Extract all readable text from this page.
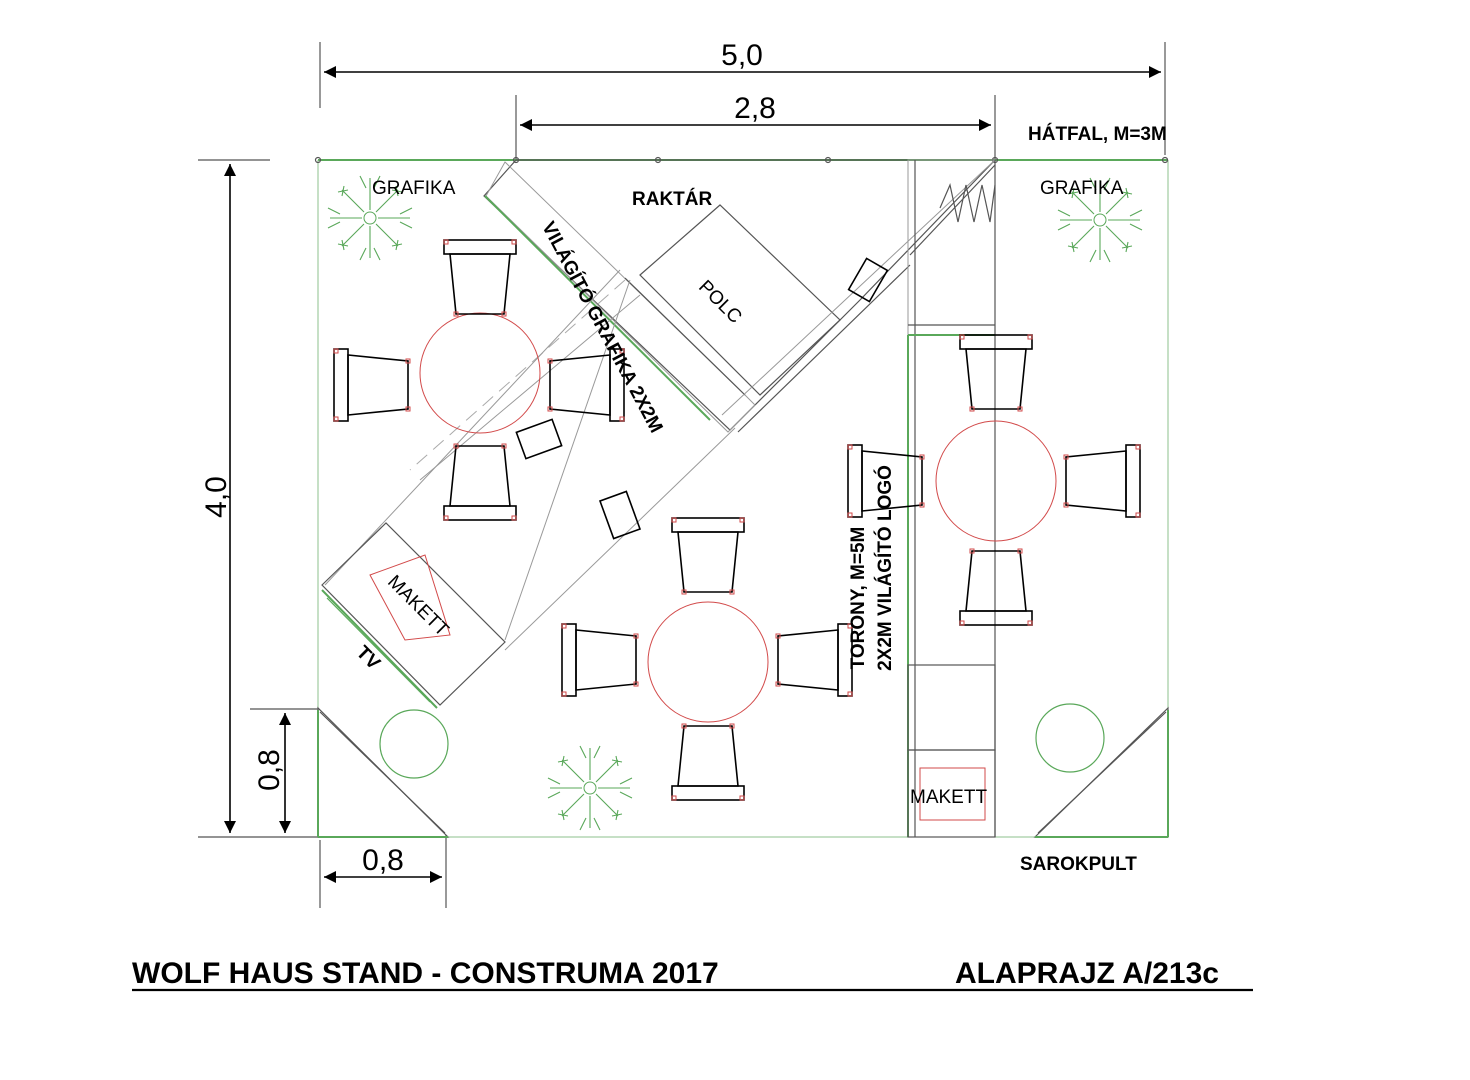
5,0
2,8
4,0
0,8
0,8
HÁTFAL, M=3M
GRAFIKA	GRAFIKA
RAKTÁR
POLC
VILÁGÍTÓ GRAFIKA 2X2M
MAKETT
TV	TORONY, M=5M 2X2M VILÁGÍTÓ LOGÓ
MAKETT
SAROKPULT
WOLF HAUS STAND - CONSTRUMA 2017	ALAPRAJZ A/213c
